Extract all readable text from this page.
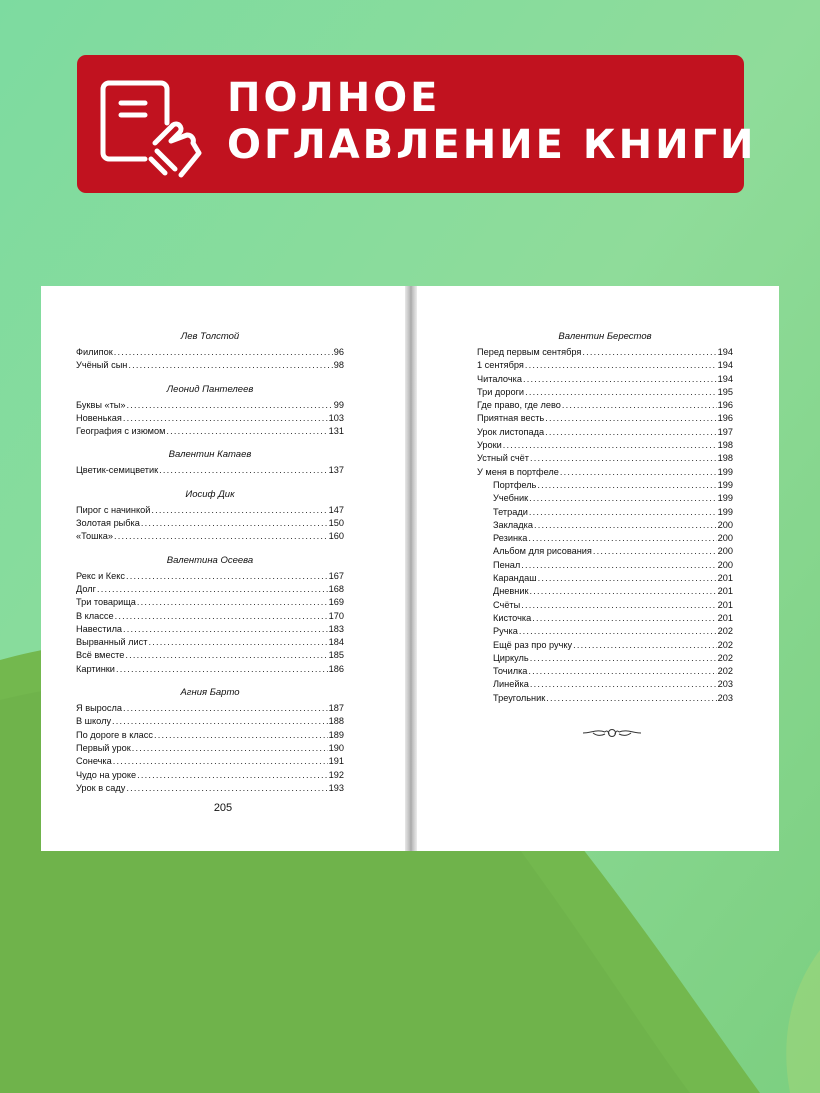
ПОЛНОЕ
ОГЛАВЛЕНИЕ КНИГИ
Лев Толстой
Филипок .....	96
Учёный сын .....	98
Леонид Пантелеев
Буквы «ты» .....	99
Новенькая .....	103
География с изюмом .....	131
Валентин Катаев
Цветик-семицветик .....	137
Иосиф Дик
Пирог с начинкой .....	147
Золотая рыбка .....	150
«Тошка» .....	160
Валентина Осеева
Рекс и Кекс .....	167
Долг .....	168
Три товарища .....	169
В классе .....	170
Навестила .....	183
Вырванный лист .....	184
Всё вместе .....	185
Картинки .....	186
Агния Барто
Я выросла .....	187
В школу .....	188
По дороге в класс .....	189
Первый урок .....	190
Сонечка .....	191
Чудо на уроке .....	192
Урок в саду .....	193
205
Валентин Берестов
Перед первым сентября .....	194
1 сентября .....	194
Читалочка .....	194
Три дороги .....	195
Где право, где лево .....	196
Приятная весть .....	196
Урок листопада .....	197
Уроки .....	198
Устный счёт .....	198
У меня в портфеле .....	199
Портфель .....	199
Учебник .....	199
Тетради .....	199
Закладка .....	200
Резинка .....	200
Альбом для рисования .....	200
Пенал .....	200
Карандаш .....	201
Дневник .....	201
Счёты .....	201
Кисточка .....	201
Ручка .....	202
Ещё раз про ручку .....	202
Циркуль .....	202
Точилка .....	202
Линейка .....	203
Треугольник .....	203
